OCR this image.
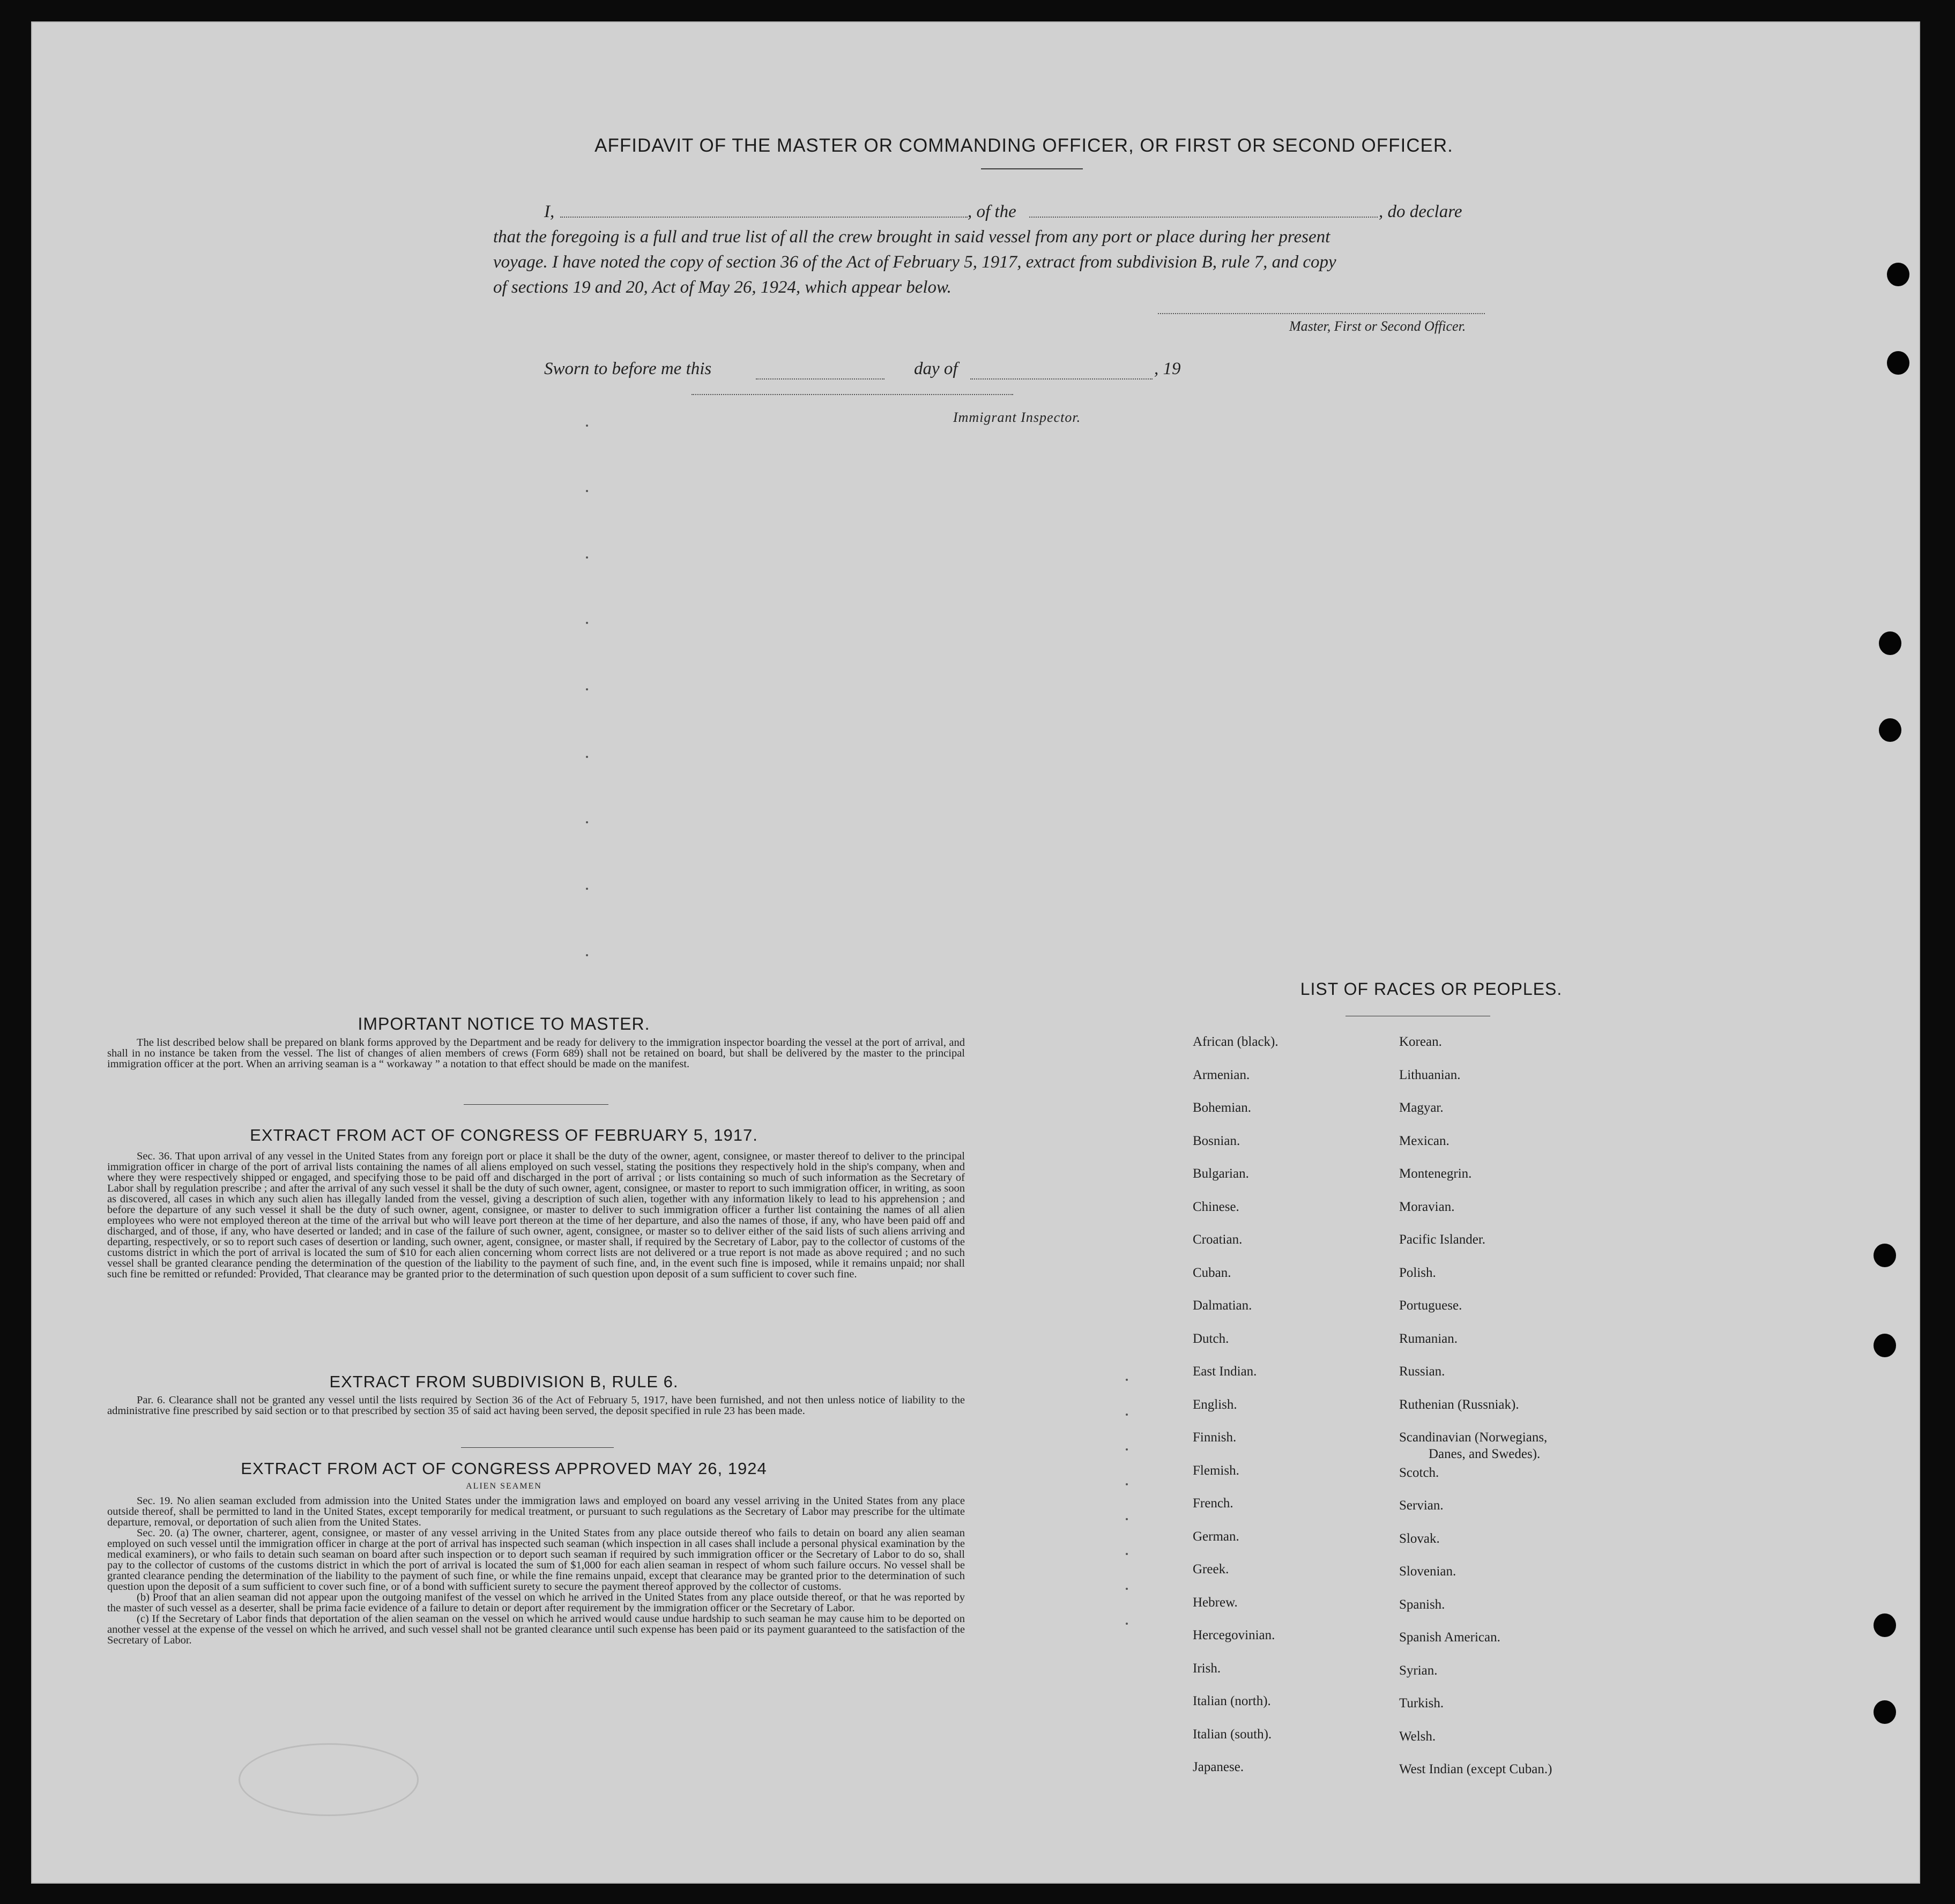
AFFIDAVIT OF THE MASTER OR COMMANDING OFFICER, OR FIRST OR SECOND OFFICER.
I,	, of the	, do declare
that the foregoing is a full and true list of all the crew brought in said vessel from any port or place during her present
voyage. I have noted the copy of section 36 of the Act of February 5, 1917, extract from subdivision B, rule 7, and copy
of sections 19 and 20, Act of May 26, 1924, which appear below.
Master, First or Second Officer.
Sworn to before me this	day of	, 19
Immigrant Inspector.
IMPORTANT NOTICE TO MASTER.

The list described below shall be prepared on blank forms approved by the Department and be ready for delivery to the immigration inspector boarding the vessel at the port of arrival, and shall in no instance be taken from the vessel. The list of changes of alien members of crews (Form 689) shall not be retained on board, but shall be delivered by the master to the principal immigration officer at the port. When an arriving seaman is a “ workaway ” a notation to that effect should be made on the manifest.

EXTRACT FROM ACT OF CONGRESS OF FEBRUARY 5, 1917.

Sec. 36. That upon arrival of any vessel in the United States from any foreign port or place it shall be the duty of the owner, agent, consignee, or master thereof to deliver to the principal immigration officer in charge of the port of arrival lists containing the names of all aliens employed on such vessel, stating the positions they respectively hold in the ship's company, when and where they were respectively shipped or engaged, and specifying those to be paid off and discharged in the port of arrival ; or lists containing so much of such information as the Secretary of Labor shall by regulation prescribe ; and after the arrival of any such vessel it shall be the duty of such owner, agent, consignee, or master to report to such immigration officer, in writing, as soon as discovered, all cases in which any such alien has illegally landed from the vessel, giving a description of such alien, together with any information likely to lead to his apprehension ; and before the departure of any such vessel it shall be the duty of such owner, agent, consignee, or master to deliver to such immigration officer a further list containing the names of all alien employees who were not employed thereon at the time of the arrival but who will leave port thereon at the time of her departure, and also the names of those, if any, who have been paid off and discharged, and of those, if any, who have deserted or landed; and in case of the failure of such owner, agent, consignee, or master so to deliver either of the said lists of such aliens arriving and departing, respectively, or so to report such cases of desertion or landing, such owner, agent, consignee, or master shall, if required by the Secretary of Labor, pay to the collector of customs of the customs district in which the port of arrival is located the sum of $10 for each alien concerning whom correct lists are not delivered or a true report is not made as above required ; and no such vessel shall be granted clearance pending the determination of the question of the liability to the payment of such fine, and, in the event such fine is imposed, while it remains unpaid; nor shall such fine be remitted or refunded: Provided, That clearance may be granted prior to the determination of such question upon deposit of a sum sufficient to cover such fine.

EXTRACT FROM SUBDIVISION B, RULE 6.

Par. 6. Clearance shall not be granted any vessel until the lists required by Section 36 of the Act of February 5, 1917, have been furnished, and not then unless notice of liability to the administrative fine prescribed by said section or to that prescribed by section 35 of said act having been served, the deposit specified in rule 23 has been made.

EXTRACT FROM ACT OF CONGRESS APPROVED MAY 26, 1924
ALIEN SEAMEN

Sec. 19. No alien seaman excluded from admission into the United States under the immigration laws and employed on board any vessel arriving in the United States from any place outside thereof, shall be permitted to land in the United States, except temporarily for medical treatment, or pursuant to such regulations as the Secretary of Labor may prescribe for the ultimate departure, removal, or deportation of such alien from the United States.

Sec. 20. (a) The owner, charterer, agent, consignee, or master of any vessel arriving in the United States from any place outside thereof who fails to detain on board any alien seaman employed on such vessel until the immigration officer in charge at the port of arrival has inspected such seaman (which inspection in all cases shall include a personal physical examination by the medical examiners), or who fails to detain such seaman on board after such inspection or to deport such seaman if required by such immigration officer or the Secretary of Labor to do so, shall pay to the collector of customs of the customs district in which the port of arrival is located the sum of $1,000 for each alien seaman in respect of whom such failure occurs. No vessel shall be granted clearance pending the determination of the liability to the payment of such fine, or while the fine remains unpaid, except that clearance may be granted prior to the determination of such question upon the deposit of a sum sufficient to cover such fine, or of a bond with sufficient surety to secure the payment thereof approved by the collector of customs.

(b) Proof that an alien seaman did not appear upon the outgoing manifest of the vessel on which he arrived in the United States from any place outside thereof, or that he was reported by the master of such vessel as a deserter, shall be prima facie evidence of a failure to detain or deport after requirement by the immigration officer or the Secretary of Labor.

(c) If the Secretary of Labor finds that deportation of the alien seaman on the vessel on which he arrived would cause undue hardship to such seaman he may cause him to be deported on another vessel at the expense of the vessel on which he arrived, and such vessel shall not be granted clearance until such expense has been paid or its payment guaranteed to the satisfaction of the Secretary of Labor.

LIST OF RACES OR PEOPLES.
African (black).
Armenian.
Bohemian.
Bosnian.
Bulgarian.
Chinese.
Croatian.
Cuban.
Dalmatian.
Dutch.
East Indian.
English.
Finnish.
Flemish.
French.
German.
Greek.
Hebrew.
Hercegovinian.
Irish.
Italian (north).
Italian (south).
Japanese.
Korean.
Lithuanian.
Magyar.
Mexican.
Montenegrin.
Moravian.
Pacific Islander.
Polish.
Portuguese.
Rumanian.
Russian.
Ruthenian (Russniak).
Scandinavian (Norwegians,
Danes, and Swedes).
Scotch.
Servian.
Slovak.
Slovenian.
Spanish.
Spanish American.
Syrian.
Turkish.
Welsh.
West Indian (except Cuban.)
